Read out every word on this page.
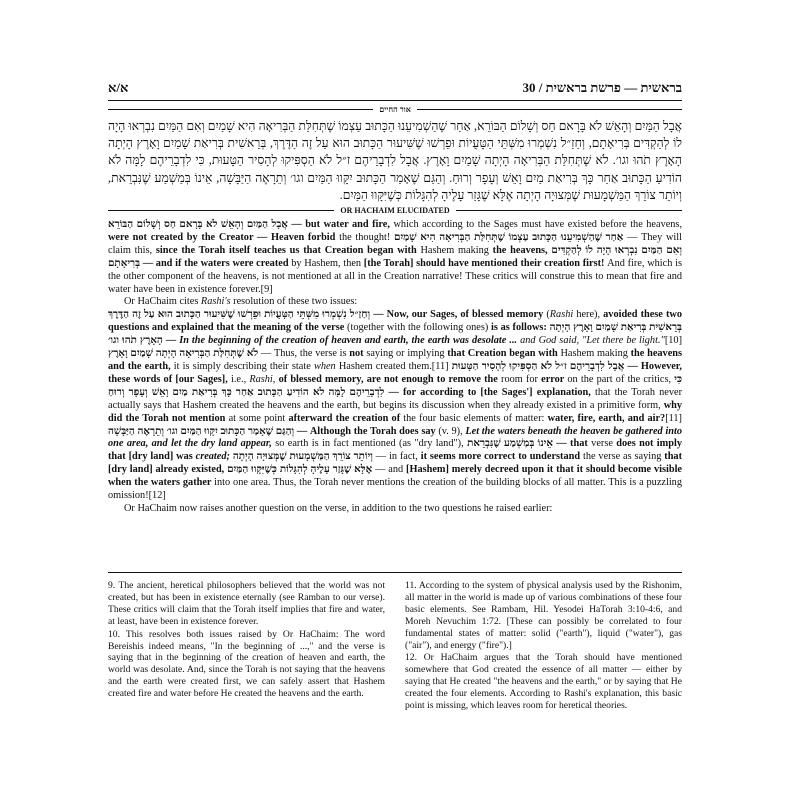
א/א	30 / בראשית — פרשת בראשית
אור החיים

אֲבָל הַמַּיִם וְהָאֵשׁ לֹא בָּרָאם חַס וְשָׁלוֹם הַבּוֹרֵא, אַחַר שֶׁהַשְׁמִיעֵנוּ הַכָּתוּב עַצְמוֹ שֶׁתְּחִלַּת הַבְּרִיאָה הִיא שָׁמַיִם וְאִם הַמַּיִם נִבְרְאוּ הָיָה לוֹ לְהַקְדִּים בְּרִיאָתָם, וְחַזַ״ל נִשְׁמְרוּ מִשְּׁתֵּי הַטָּעֻיוֹת וּפֵרְשׁוּ שֶׁשִּׁיעוּר הַכָּתוּב הוּא עַל זֶה הַדֶּרֶךְ, בְּרֵאשִׁית בְּרִיאַת שָׁמַיִם וָאָרֶץ הָיְתָה הָאָרֶץ תֹהוּ וגו׳. לֹא שֶׁתְּחִלַּת הַבְּרִיאָה הָיְתָה שָׁמַיִם וָאָרֶץ. אֲבָל לִדְבָרֵיהֶם ז״ל לֹא הַסְפִּיקוּ לְהָסִיר הַטָּעוּת, כִּי לִדְבָרֵיהֶם לָמָּה לֹא הוֹדִיעַ הַכָּתוּב אַחַר כָּךְ בְּרִיאַת מַיִם וָאֵשׁ וְעָפָר וְרוּחַ. וְהַגַּם שֶׁאָמַר הַכָּתוּב יִקָּווּ הַמַּיִם וגו׳ וְתֵרָאֶה הַיַּבָּשָׁה, אֵינוֹ בְּמַשְׁמַע שֶׁנִּבְרֵאת, וְיוֹתֵר צוֹרֵךְ הַמַּשְׁמָעוּת שֶׁמְּצוּיָה הָיְתָה אֶלָּא שֶׁגָּזַר עָלֶיהָ לְהִגָּלוֹת כְּשֶׁיִּקָּווּ הַמַּיִם.

OR HACHAIM ELUCIDATED

אֲבָל הַמַּיִם וְהָאֵשׁ לֹא בָּרָאם חַס וְשָׁלוֹם הַבּוֹרֵא — but water and fire, which according to the Sages must have existed before the heavens, were not created by the Creator — Heaven forbid the thought! אַחַר שֶׁהַשְׁמִיעֵנוּ הַכָּתוּב עַצְמוֹ שֶׁתְּחִלַּת הַבְּרִיאָה הִיא שָׁמַיִם — They will claim this, since the Torah itself teaches us that Creation began with Hashem making the heavens, וְאִם הַמַּיִם נִבְרְאוּ הָיָה לוֹ לְהַקְדִּים בְּרִיאָתָם — and if the waters were created by Hashem, then [the Torah] should have mentioned their creation first! And fire, which is the other component of the heavens, is not mentioned at all in the Creation narrative! These critics will construe this to mean that fire and water have been in existence forever.[9]

Or HaChaim cites Rashi's resolution of these two issues:

וְחַזַ״ל נִשְׁמְרוּ מִשְּׁתֵּי הַטָּעֻיוֹת וּפֵרְשׁוּ שֶׁשִּׁיעוּר הַכָּתוּב הוּא עַל זֶה הַדֶּרֶךְ — Now, our Sages, of blessed memory (Rashi here), avoided these two questions and explained that the meaning of the verse (together with the following ones) is as follows: בְּרֵאשִׁית בְּרִיאַת שָׁמַיִם וָאָרֶץ הָיְתָה הָאָרֶץ תֹהוּ וגו׳ — In the beginning of the creation of heaven and earth, the earth was desolate ... and God said, "Let there be light."[10] לֹא שֶׁתְּחִלַּת הַבְּרִיאָה הָיְתָה שָׁמַיִם וָאָרֶץ — Thus, the verse is not saying or implying that Creation began with Hashem making the heavens and the earth, it is simply describing their state when Hashem created them.[11] אֲבָל לִדְבָרֵיהֶם ז״ל לֹא הַסְפִּיקוּ לְהָסִיר הַטָּעוּת — However, these words of [our Sages], i.e., Rashi, of blessed memory, are not enough to remove the room for error on the part of the critics, כִּי לִדְבָרֵיהֶם לָמָּה לֹא הוֹדִיעַ הַכָּתוּב אַחַר כָּךְ בְּרִיאַת מַיִם וָאֵשׁ וְעָפָר וְרוּחַ — for according to [the Sages'] explanation, that the Torah never actually says that Hashem created the heavens and the earth, but begins its discussion when they already existed in a primitive form, why did the Torah not mention at some point afterward the creation of the four basic elements of matter: water, fire, earth, and air?[11] וְהַגַּם שֶׁאָמַר הַכָּתוּב יִקָּווּ הַמַּיִם וגו׳ וְתֵרָאֶה הַיַּבָּשָׁה — Although the Torah does say (v. 9), Let the waters beneath the heaven be gathered into one area, and let the dry land appear, so earth is in fact mentioned (as "dry land"), אֵינוֹ בְּמַשְׁמַע שֶׁנִּבְרֵאת — that verse does not imply that [dry land] was created; וְיוֹתֵר צוֹרֵךְ הַמַּשְׁמָעוּת שֶׁמְּצוּיָה הָיְתָה — in fact, it seems more correct to understand the verse as saying that [dry land] already existed, אֶלָּא שֶׁגָּזַר עָלֶיהָ לְהִגָּלוֹת כְּשֶׁיִּקָּווּ הַמַּיִם — and [Hashem] merely decreed upon it that it should become visible when the waters gather into one area. Thus, the Torah never mentions the creation of the building blocks of all matter. This is a puzzling omission![12]

Or HaChaim now raises another question on the verse, in addition to the two questions he raised earlier:

9. The ancient, heretical philosophers believed that the world was not created, but has been in existence eternally (see Ramban to our verse). These critics will claim that the Torah itself implies that fire and water, at least, have been in existence forever.

10. This resolves both issues raised by Or HaChaim: The word Bereishis indeed means, "In the beginning of ...," and the verse is saying that in the beginning of the creation of heaven and earth, the world was desolate. And, since the Torah is not saying that the heavens and the earth were created first, we can safely assert that Hashem created fire and water before He created the heavens and the earth.

11. According to the system of physical analysis used by the Rishonim, all matter in the world is made up of various combinations of these four basic elements. See Rambam, Hil. Yesodei HaTorah 3:10-4:6, and Moreh Nevuchim 1:72. [These can possibly be correlated to four fundamental states of matter: solid ("earth"), liquid ("water"), gas ("air"), and energy ("fire").]

12. Or HaChaim argues that the Torah should have mentioned somewhere that God created the essence of all matter — either by saying that He created "the heavens and the earth," or by saying that He created the four elements. According to Rashi's explanation, this basic point is missing, which leaves room for heretical theories.
